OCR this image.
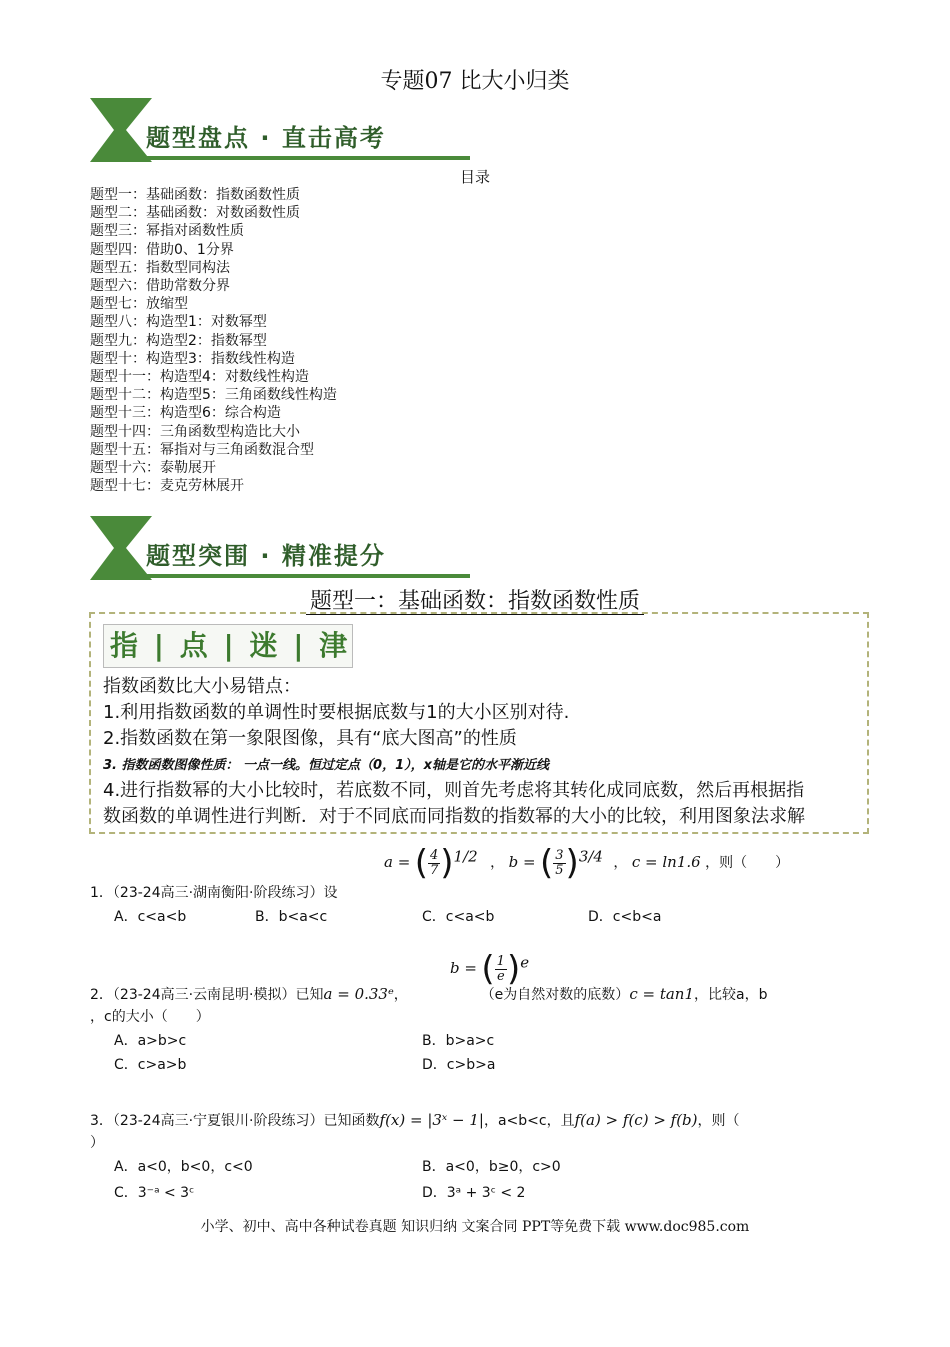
专题07 比大小归类
题型盘点 · 直击高考
目录
题型一：基础函数：指数函数性质
题型二：基础函数：对数函数性质
题型三：幂指对函数性质
题型四：借助0、1分界
题型五：指数型同构法
题型六：借助常数分界
题型七：放缩型
题型八：构造型1：对数幂型
题型九：构造型2：指数幂型
题型十：构造型3：指数线性构造
题型十一：构造型4：对数线性构造
题型十二：构造型5：三角函数线性构造
题型十三：构造型6：综合构造
题型十四：三角函数型构造比大小
题型十五：幂指对与三角函数混合型
题型十六：泰勒展开
题型十七：麦克劳林展开
题型突围 · 精准提分
题型一：基础函数：指数函数性质
指 | 点 | 迷 | 津
指数函数比大小易错点：
1.利用指数函数的单调性时要根据底数与1的大小区别对待.
2.指数函数在第一象限图像，具有“底大图高”的性质
3. 指数函数图像性质： 一点一线。恒过定点（0，1），x轴是它的水平渐近线
4.进行指数幂的大小比较时，若底数不同，则首先考虑将其转化成同底数，然后再根据指
数函数的单调性进行判断．对于不同底而同指数的指数幂的大小的比较，利用图象法求解
a = ( $\frac{4}{7} )^{1/2}$ ， b = ( $\frac{3}{5} )^{3/4}$ ， c = ln1.6 ，则（　　）
1．（23-24高三·湖南衡阳·阶段练习）设
A．c<a<b	B．b<a<c	C．c<a<b	D．c<b<a
b = ( $\frac{1}{e} )^e$
2．（23-24高三·云南昆明·模拟）已知a = 0.33ᵉ，	（e为自然对数的底数）c = tan1，比较a，b
，c的大小（　　）
A．a>b>c	B．b>a>c
C．c>a>b	D．c>b>a
3．（23-24高三·宁夏银川·阶段练习）已知函数f(x) = |3ˣ − 1|，a<b<c，且f(a) > f(c) > f(b)，则（
）
A．a<0，b<0，c<0	B．a<0，b≥0，c>0
C．3⁻ᵃ < 3ᶜ	D．3ᵃ + 3ᶜ < 2
小学、初中、高中各种试卷真题 知识归纳 文案合同 PPT等免费下载 www.doc985.com
